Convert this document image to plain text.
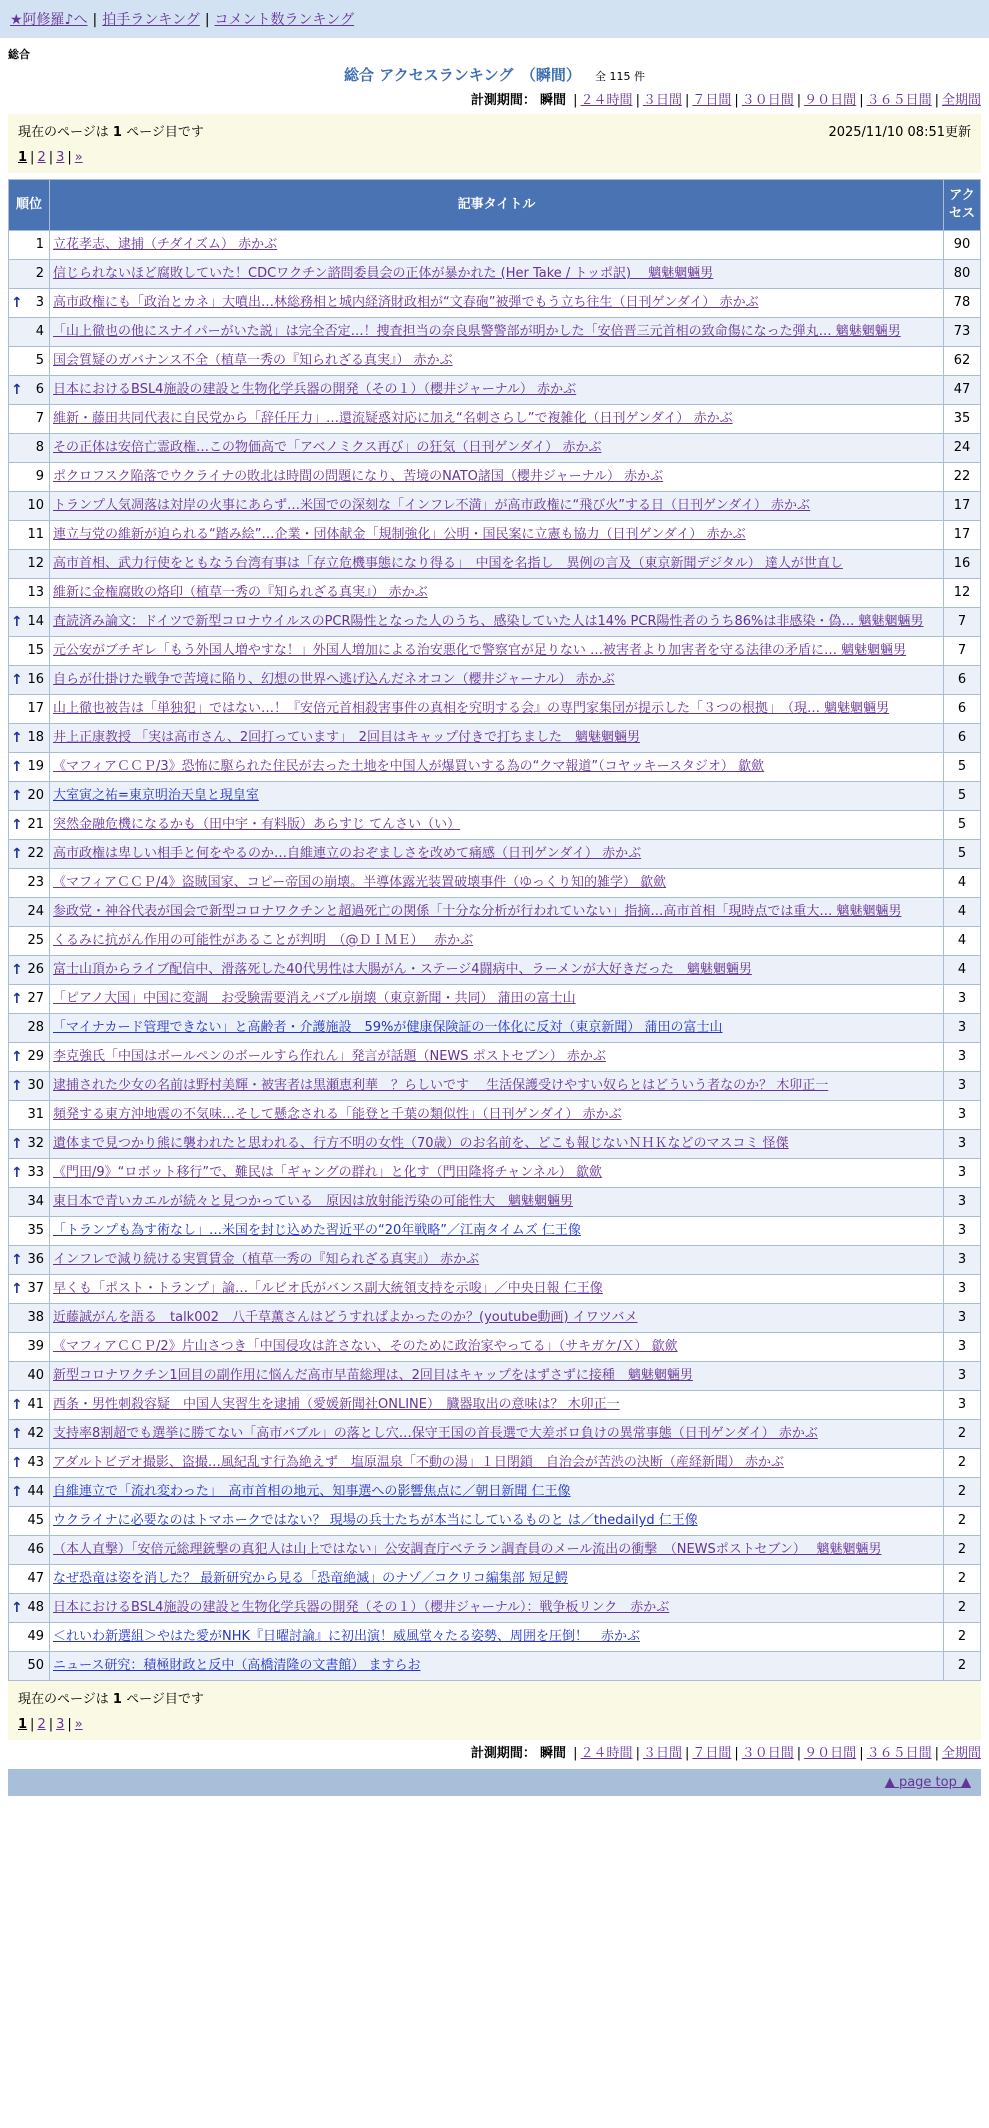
★阿修羅♪へ | 拍手ランキング | コメント数ランキング
総合
総合 アクセスランキング　（瞬間） 全 115 件
計測期間： 瞬間 | ２４時間 | ３日間 | ７日間 | ３０日間 | ９０日間 | ３６５日間 | 全期間
現在のページは 1 ページ目です	2025/11/10 08:51更新
1 | 2 | 3 | »
順位	記事タイトル	アクセス
1	立花孝志、逮捕（チダイズム） 赤かぶ	90
2	信じられないほど腐敗していた！CDCワクチン諮問委員会の正体が暴かれた (Her Take / トッポ訳)　 魑魅魍魎男	80

↑ 3	高市政権にも「政治とカネ」大噴出…林総務相と城内経済財政相が“文春砲”被弾でもう立ち往生（日刊ゲンダイ） 赤かぶ	78
4	「山上徹也の他にスナイパーがいた説」は完全否定…！捜査担当の奈良県警警部が明かした「安倍晋三元首相の致命傷になった弾丸… 魑魅魍魎男	73
5	国会質疑のガバナンス不全（植草一秀の『知られざる真実』） 赤かぶ	62

↑ 6	日本におけるBSL4施設の建設と生物化学兵器の開発（その１）（櫻井ジャーナル） 赤かぶ	47
7	維新・藤田共同代表に自民党から「辞任圧力」…還流疑惑対応に加え“名刺さらし”で複雑化（日刊ゲンダイ） 赤かぶ	35
8	その正体は安倍亡霊政権…この物価高で「アベノミクス再び」の狂気（日刊ゲンダイ） 赤かぶ	24
9	ポクロフスク陥落でウクライナの敗北は時間の問題になり、苦境のNATO諸国（櫻井ジャーナル） 赤かぶ	22
10	トランプ人気凋落は対岸の火事にあらず…米国での深刻な「インフレ不満」が高市政権に“飛び火”する日（日刊ゲンダイ） 赤かぶ	17
11	連立与党の維新が迫られる“踏み絵”…企業・団体献金「規制強化」公明・国民案に立憲も協力（日刊ゲンダイ） 赤かぶ	17
12	高市首相、武力行使をともなう台湾有事は「存立危機事態になり得る」　中国を名指し　異例の言及（東京新聞デジタル） 達人が世直し	16
13	維新に金権腐敗の烙印（植草一秀の『知られざる真実』） 赤かぶ	12

↑ 14	査読済み論文：ドイツで新型コロナウイルスのPCR陽性となった人のうち、感染していた人は14% PCR陽性者のうち86%は非感染・偽… 魑魅魍魎男	7
15	元公安がブチギレ「もう外国人増やすな！」外国人増加による治安悪化で警察官が足りない …被害者より加害者を守る法律の矛盾に… 魑魅魍魎男	7

↑ 16	自らが仕掛けた戦争で苦境に陥り、幻想の世界へ逃げ込んだネオコン（櫻井ジャーナル） 赤かぶ	6
17	山上徹也被告は「単独犯」ではない…！『安倍元首相殺害事件の真相を究明する会』の専門家集団が提示した「３つの根拠」　（現… 魑魅魍魎男	6

↑ 18	井上正康教授 「実は高市さん、2回打っています」　2回目はキャップ付きで打ちました　魑魅魍魎男	6

↑ 19	《マフィアＣＣＰ/3》恐怖に駆られた住民が去った土地を中国人が爆買いする為の“クマ報道”（コヤッキースタジオ） 歙歛	5

↑ 20	大室寅之祐=東京明治天皇と現皇室	5

↑ 21	突然金融危機になるかも（田中宇・有料版）あらすじ てんさい（い）	5

↑ 22	高市政権は卑しい相手と何をやるのか…自維連立のおぞましさを改めて痛感（日刊ゲンダイ） 赤かぶ	5
23	《マフィアＣＣＰ/4》盗賊国家、コピー帝国の崩壊。半導体露光装置破壊事件（ゆっくり知的雑学） 歙歛	4
24	参政党・神谷代表が国会で新型コロナワクチンと超過死亡の関係「十分な分析が行われていない」指摘…高市首相「現時点では重大… 魑魅魍魎男	4
25	くるみに抗がん作用の可能性があることが判明　（@ＤＩＭＥ）　 赤かぶ	4

↑ 26	富士山頂からライブ配信中、滑落死した40代男性は大腸がん・ステージ4闘病中、ラーメンが大好きだった　魑魅魍魎男	4

↑ 27	「ピアノ大国」中国に変調　お受験需要消えバブル崩壊（東京新聞・共同） 蒲田の富士山	3
28	「マイナカード管理できない」と高齢者・介護施設　59%が健康保険証の一体化に反対（東京新聞） 蒲田の富士山	3

↑ 29	李克強氏「中国はボールペンのボールすら作れん」発言が話題（NEWS ポストセブン） 赤かぶ	3

↑ 30	逮捕された少女の名前は野村美輝・被害者は黒瀬恵利華　？らしいです　 生活保護受けやすい奴らとはどういう者なのか？ 木卯正一	3
31	頻発する東方沖地震の不気味…そして懸念される「能登と千葉の類似性」（日刊ゲンダイ） 赤かぶ	3

↑ 32	遺体まで見つかり熊に襲われたと思われる、行方不明の女性（70歳）のお名前を、どこも報じないＮＨＫなどのマスコミ 怪傑	3

↑ 33	《門田/9》“ロボット移行”で、難民は「ギャングの群れ」と化す（門田隆将チャンネル） 歙歛	3
34	東日本で青いカエルが続々と見つかっている　原因は放射能汚染の可能性大　魑魅魍魎男	3
35	「トランプも為す術なし」…米国を封じ込めた習近平の“20年戦略”／江南タイムズ 仁王像	3

↑ 36	インフレで減り続ける実質賃金（植草一秀の『知られざる真実』） 赤かぶ	3

↑ 37	早くも「ポスト・トランプ」論…「ルビオ氏がバンス副大統領支持を示唆」／中央日報 仁王像	3
38	近藤誠がんを語る　talk002　八千草薫さんはどうすればよかったのか？(youtube動画) イワツバメ	3
39	《マフィアＣＣＰ/2》片山さつき「中国侵攻は許さない、そのために政治家やってる」（サキガケ/Ｘ） 歙歛	3
40	新型コロナワクチン1回目の副作用に悩んだ高市早苗総理は、2回目はキャップをはずさずに接種　魑魅魍魎男	3

↑ 41	西条・男性刺殺容疑　中国人実習生を逮捕（愛媛新聞社ONLINE）　臓器取出の意味は？ 木卯正一	3

↑ 42	支持率8割超でも選挙に勝てない「高市バブル」の落とし穴…保守王国の首長選で大差ボロ負けの異常事態（日刊ゲンダイ） 赤かぶ	2

↑ 43	アダルトビデオ撮影、盗撮…風紀乱す行為絶えず　塩原温泉「不動の湯」１日閉鎖　自治会が苦渋の決断（産経新聞） 赤かぶ	2

↑ 44	自維連立で「流れ変わった」　高市首相の地元、知事選への影響焦点に／朝日新聞 仁王像	2
45	ウクライナに必要なのはトマホークではない？ 現場の兵士たちが本当にしているものと は／thedailyd 仁王像	2
46	（本人直撃）「安倍元総理銃撃の真犯人は山上ではない」公安調査庁ベテラン調査員のメール流出の衝撃　（NEWSポストセブン）　 魑魅魍魎男	2
47	なぜ恐竜は姿を消した？ 最新研究から見る「恐竜絶滅」のナゾ／コクリコ編集部 短足鰐	2

↑ 48	日本におけるBSL4施設の建設と生物化学兵器の開発（その１）（櫻井ジャーナル）：戦争板リンク　赤かぶ	2
49	＜れいわ新選組＞やはた愛がNHK『日曜討論』に初出演！威風堂々たる姿勢、周囲を圧倒！　赤かぶ	2
50	ニュース研究：積極財政と反中（高橋清隆の文書館） ますらお	2
現在のページは 1 ページ目です
1 | 2 | 3 | »
計測期間： 瞬間 | ２４時間 | ３日間 | ７日間 | ３０日間 | ９０日間 | ３６５日間 | 全期間
▲ page top ▲
